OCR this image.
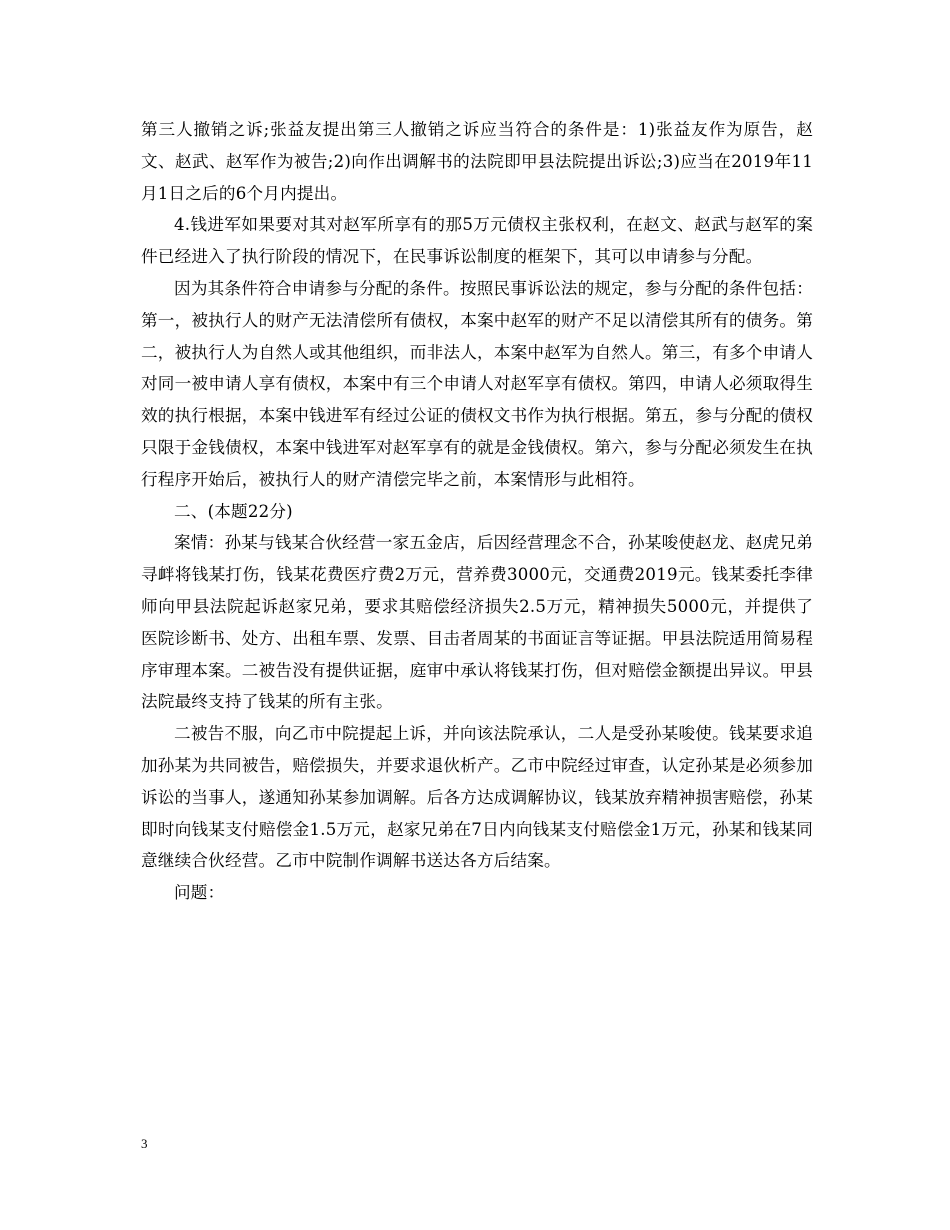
第三人撤销之诉;张益友提出第三人撤销之诉应当符合的条件是：1)张益友作为原告，赵文、赵武、赵军作为被告;2)向作出调解书的法院即甲县法院提出诉讼;3)应当在2019年11月1日之后的6个月内提出。

4.钱进军如果要对其对赵军所享有的那5万元债权主张权利，在赵文、赵武与赵军的案件已经进入了执行阶段的情况下，在民事诉讼制度的框架下，其可以申请参与分配。

因为其条件符合申请参与分配的条件。按照民事诉讼法的规定，参与分配的条件包括：第一，被执行人的财产无法清偿所有债权，本案中赵军的财产不足以清偿其所有的债务。第二，被执行人为自然人或其他组织，而非法人，本案中赵军为自然人。第三，有多个申请人对同一被申请人享有债权，本案中有三个申请人对赵军享有债权。第四，申请人必须取得生效的执行根据，本案中钱进军有经过公证的债权文书作为执行根据。第五，参与分配的债权只限于金钱债权，本案中钱进军对赵军享有的就是金钱债权。第六，参与分配必须发生在执行程序开始后，被执行人的财产清偿完毕之前，本案情形与此相符。

二、(本题22分)

案情：孙某与钱某合伙经营一家五金店，后因经营理念不合，孙某唆使赵龙、赵虎兄弟寻衅将钱某打伤，钱某花费医疗费2万元，营养费3000元，交通费2019元。钱某委托李律师向甲县法院起诉赵家兄弟，要求其赔偿经济损失2.5万元，精神损失5000元，并提供了医院诊断书、处方、出租车票、发票、目击者周某的书面证言等证据。甲县法院适用简易程序审理本案。二被告没有提供证据，庭审中承认将钱某打伤，但对赔偿金额提出异议。甲县法院最终支持了钱某的所有主张。

二被告不服，向乙市中院提起上诉，并向该法院承认，二人是受孙某唆使。钱某要求追加孙某为共同被告，赔偿损失，并要求退伙析产。乙市中院经过审查，认定孙某是必须参加诉讼的当事人，遂通知孙某参加调解。后各方达成调解协议，钱某放弃精神损害赔偿，孙某即时向钱某支付赔偿金1.5万元，赵家兄弟在7日内向钱某支付赔偿金1万元，孙某和钱某同意继续合伙经营。乙市中院制作调解书送达各方后结案。

问题：

3
